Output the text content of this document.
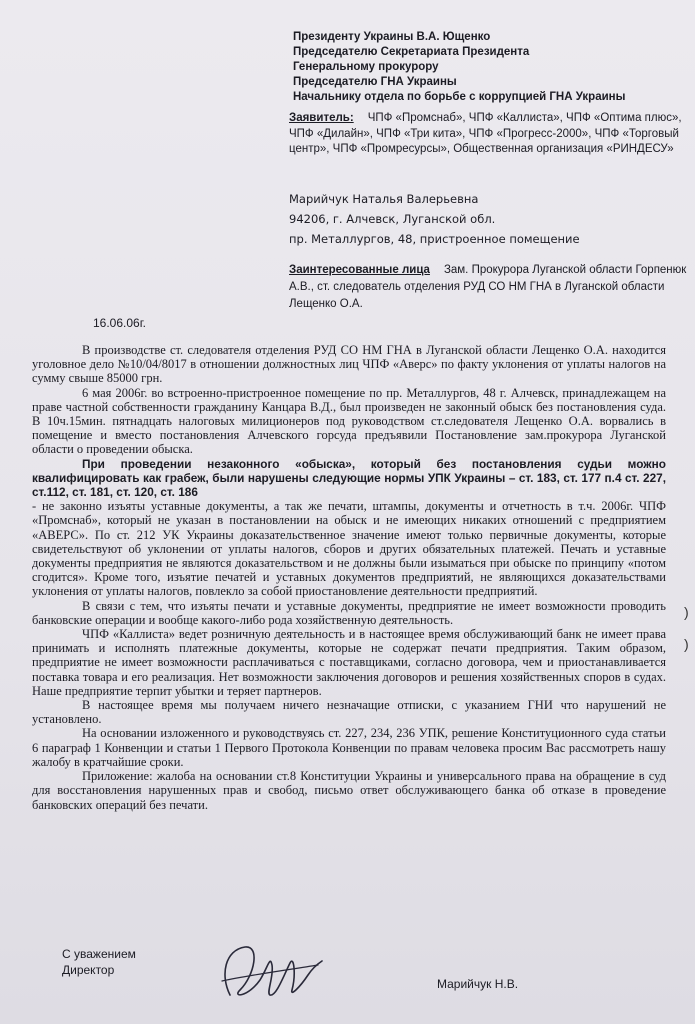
Президенту Украины В.А. Ющенко
Председателю Секретариата Президента
Генеральному прокурору
Председателю ГНА Украины
Начальнику отдела по борьбе с коррупцией ГНА Украины
Заявитель: ЧПФ «Промснаб», ЧПФ «Каллиста», ЧПФ «Оптима плюс», ЧПФ «Дилайн», ЧПФ «Три кита», ЧПФ «Прогресс-2000», ЧПФ «Торговый центр», ЧПФ «Промресурсы», Общественная организация «РИНДЕСУ»
Марийчук Наталья Валерьевна
94206, г. Алчевск, Луганской обл.
пр. Металлургов, 48, пристроенное помещение
Заинтересованные лица Зам. Прокурора Луганской области Горпенюк А.В., ст. следователь отделения РУД СО НМ ГНА в Луганской области Лещенко О.А.
16.06.06г.

В производстве ст. следователя отделения РУД СО НМ ГНА в Луганской области Лещенко О.А. находится уголовное дело №10/04/8017 в отношении должностных лиц ЧПФ «Аверс» по факту уклонения от уплаты налогов на сумму свыше 85000 грн.

6 мая 2006г. во встроенно-пристроенное помещение по пр. Металлургов, 48 г. Алчевск, принадлежащем на праве частной собственности гражданину Канцара В.Д., был произведен не законный обыск без постановления суда. В 10ч.15мин. пятнадцать налоговых милиционеров под руководством ст.следователя Лещенко О.А. ворвались в помещение и вместо постановления Алчевского горсуда предъявили Постановление зам.прокурора Луганской области о проведении обыска.

При проведении незаконного «обыска», который без постановления судьи можно квалифицировать как грабеж, были нарушены следующие нормы УПК Украины – ст. 183, ст. 177 п.4 ст. 227, ст.112, ст. 181, ст. 120, ст. 186

- не законно изъяты уставные документы, а так же печати, штампы, документы и отчетность в т.ч. 2006г. ЧПФ «Промснаб», который не указан в постановлении на обыск и не имеющих никаких отношений с предприятием «АВЕРС». По ст. 212 УК Украины доказательственное значение имеют только первичные документы, которые свидетельствуют об уклонении от уплаты налогов, сборов и других обязательных платежей. Печать и уставные документы предприятия не являются доказательством и не должны были изыматься при обыске по принципу «потом сгодится». Кроме того, изъятие печатей и уставных документов предприятий, не являющихся доказательствами уклонения от уплаты налогов, повлекло за собой приостановление деятельности предприятий.

В связи с тем, что изъяты печати и уставные документы, предприятие не имеет возможности проводить банковские операции и вообще какого-либо рода хозяйственную деятельность.

ЧПФ «Каллиста» ведет розничную деятельность и в настоящее время обслуживающий банк не имеет права принимать и исполнять платежные документы, которые не содержат печати предприятия. Таким образом, предприятие не имеет возможности расплачиваться с поставщиками, согласно договора, чем и приостанавливается поставка товара и его реализация. Нет возможности заключения договоров и решения хозяйственных споров в судах. Наше предприятие терпит убытки и теряет партнеров.

В настоящее время мы получаем ничего незначащие отписки, с указанием ГНИ что нарушений не установлено.

На основании изложенного и руководствуясь ст. 227, 234, 236 УПК, решение Конституционного суда статьи 6 параграф 1 Конвенции и статьи 1 Первого Протокола Конвенции по правам человека просим Вас рассмотреть нашу жалобу в кратчайшие сроки.

Приложение: жалоба на основании ст.8 Конституции Украины и универсального права на обращение в суд для восстановления нарушенных прав и свобод, письмо ответ обслуживающего банка об отказе в проведение банковских операций без печати.

С уважением
Директор
Марийчук Н.В.
)
)
